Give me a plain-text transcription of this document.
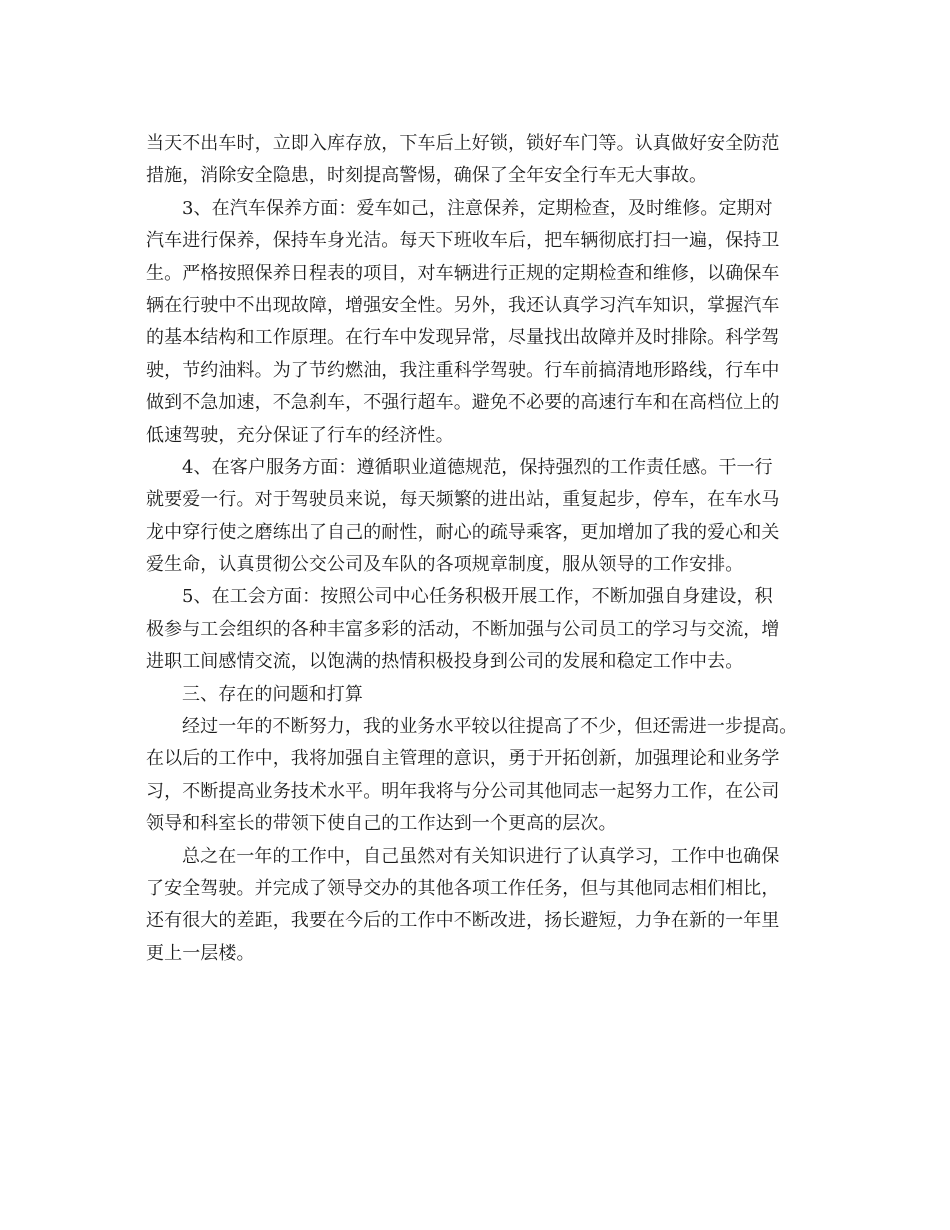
当天不出车时，立即入库存放，下车后上好锁，锁好车门等。认真做好安全防范
措施，消除安全隐患，时刻提高警惕，确保了全年安全行车无大事故。
3、在汽车保养方面：爱车如己，注意保养，定期检查，及时维修。定期对
汽车进行保养，保持车身光洁。每天下班收车后，把车辆彻底打扫一遍，保持卫
生。严格按照保养日程表的项目，对车辆进行正规的定期检查和维修，以确保车
辆在行驶中不出现故障，增强安全性。另外，我还认真学习汽车知识，掌握汽车
的基本结构和工作原理。在行车中发现异常，尽量找出故障并及时排除。科学驾
驶，节约油料。为了节约燃油，我注重科学驾驶。行车前搞清地形路线，行车中
做到不急加速，不急刹车，不强行超车。避免不必要的高速行车和在高档位上的
低速驾驶，充分保证了行车的经济性。
4、在客户服务方面：遵循职业道德规范，保持强烈的工作责任感。干一行
就要爱一行。对于驾驶员来说，每天频繁的进出站，重复起步，停车，在车水马
龙中穿行使之磨练出了自己的耐性，耐心的疏导乘客，更加增加了我的爱心和关
爱生命，认真贯彻公交公司及车队的各项规章制度，服从领导的工作安排。
5、在工会方面：按照公司中心任务积极开展工作，不断加强自身建设，积
极参与工会组织的各种丰富多彩的活动，不断加强与公司员工的学习与交流，增
进职工间感情交流，以饱满的热情积极投身到公司的发展和稳定工作中去。
三、存在的问题和打算
经过一年的不断努力，我的业务水平较以往提高了不少，但还需进一步提高。
在以后的工作中，我将加强自主管理的意识，勇于开拓创新，加强理论和业务学
习，不断提高业务技术水平。明年我将与分公司其他同志一起努力工作，在公司
领导和科室长的带领下使自己的工作达到一个更高的层次。
总之在一年的工作中，自己虽然对有关知识进行了认真学习，工作中也确保
了安全驾驶。并完成了领导交办的其他各项工作任务，但与其他同志相们相比，
还有很大的差距，我要在今后的工作中不断改进，扬长避短，力争在新的一年里
更上一层楼。
